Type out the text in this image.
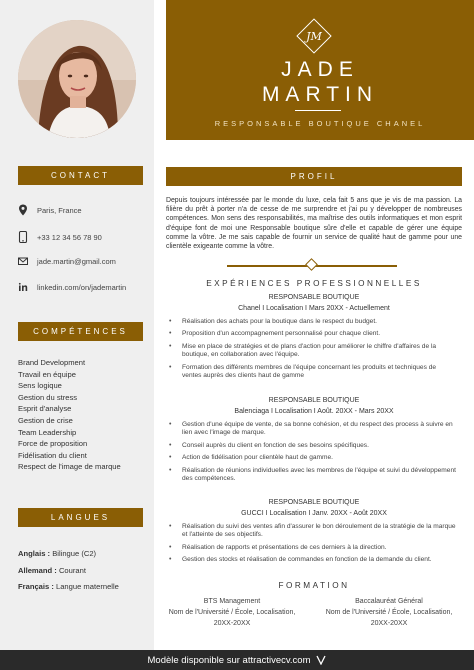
CONTACT
Paris, France
+33 12 34 56 78 90
jade.martin@gmail.com
linkedin.com/on/jademartin
COMPÉTENCES
Brand Development
Travail en équipe
Sens logique
Gestion du stress
Esprit d'analyse
Gestion de crise
Team Leadership
Force de proposition
Fidélisation du client
Respect de l'image de marque
LANGUES
Anglais : Bilingue (C2)
Allemand : Courant
Français : Langue maternelle
JM
JADE
MARTIN
RESPONSABLE BOUTIQUE CHANEL
PROFIL

Depuis toujours intéressée par le monde du luxe, cela fait 5 ans que je vis de ma passion. La filière du prêt à porter n'a de cesse de me surprendre et j'ai pu y développer de nombreuses compétences. Mon sens des responsabilités, ma maîtrise des outils informatiques et mon esprit d'équipe font de moi une Responsable boutique sûre d'elle et capable de gérer une équipe comme la vôtre. Je me sais capable de fournir un service de qualité haut de gamme pour une clientèle exigeante comme la vôtre.

EXPÉRIENCES PROFESSIONNELLES
RESPONSABLE BOUTIQUE
Chanel I Localisation I Mars 20XX - Actuellement
• Réalisation des achats pour la boutique dans le respect du budget.
• Proposition d'un accompagnement personnalisé pour chaque client.
• Mise en place de stratégies et de plans d'action pour améliorer le chiffre d'affaires de la boutique, en collaboration avec l'équipe.
• Formation des différents membres de l'équipe concernant les produits et techniques de ventes auprès des clients haut de gamme
RESPONSABLE BOUTIQUE
Balenciaga I Localisation I Août. 20XX - Mars 20XX
• Gestion d'une équipe de vente, de sa bonne cohésion, et du respect des process à suivre en lien avec l'image de marque.
• Conseil auprès du client en fonction de ses besoins spécifiques.
• Action de fidélisation pour clientèle haut de gamme.
• Réalisation de réunions individuelles avec les membres de l'équipe et suivi du développement des compétences.
RESPONSABLE BOUTIQUE
GUCCI I Localisation I Janv. 20XX - Août 20XX
• Réalisation du suivi des ventes afin d'assurer le bon déroulement de la stratégie de la marque et l'atteinte de ses objectifs.
• Réalisation de rapports et présentations de ces derniers à la direction.
• Gestion des stocks et réalisation de commandes en fonction de la demande du client.
FORMATION
BTS Management
Nom de l'Université / École, Localisation,
20XX-20XX
Baccalauréat Général
Nom de l'Université / École, Localisation,
20XX-20XX
Modèle disponible sur attractivecv.com
